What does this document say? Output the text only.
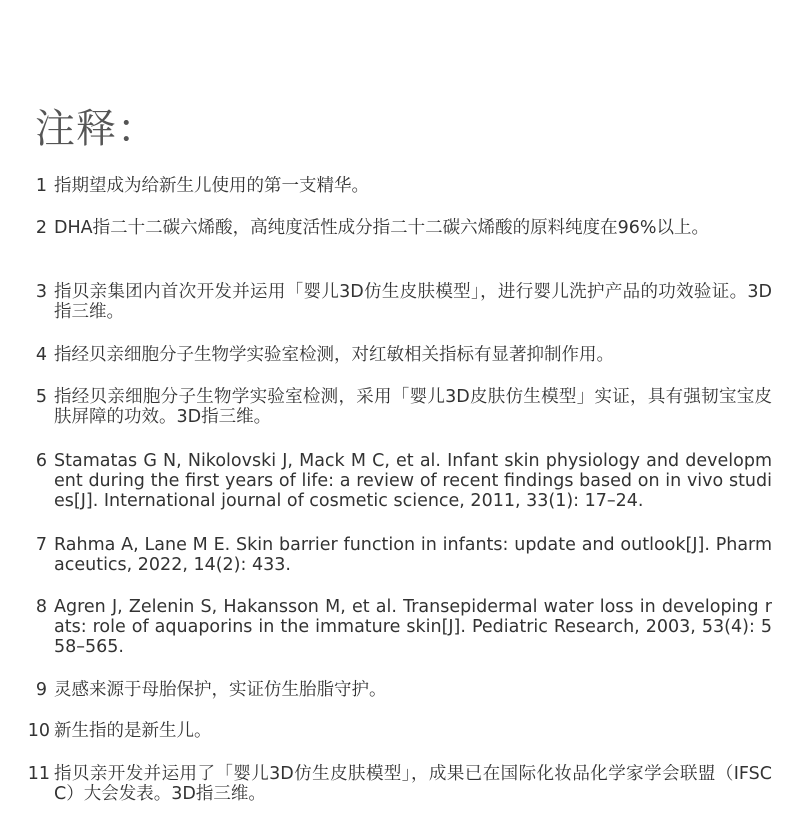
注释：
1 指期望成为给新生儿使用的第一支精华。
2 DHA指二十二碳六烯酸，高纯度活性成分指二十二碳六烯酸的原料纯度在96%以上。
3 指贝亲集团内首次开发并运用「婴儿3D仿生皮肤模型」，进行婴儿洗护产品的功效验证。3D指三维。
4 指经贝亲细胞分子生物学实验室检测，对红敏相关指标有显著抑制作用。
5 指经贝亲细胞分子生物学实验室检测，采用「婴儿3D皮肤仿生模型」实证，具有强韧宝宝皮肤屏障的功效。3D指三维。
6 Stamatas G N, Nikolovski J, Mack M C, et al. Infant skin physiology and development during the first years of life: a review of recent findings based on in vivo studies[J]. International journal of cosmetic science, 2011, 33(1): 17–24.
7 Rahma A, Lane M E. Skin barrier function in infants: update and outlook[J]. Pharmaceutics, 2022, 14(2): 433.
8 Agren J, Zelenin S, Hakansson M, et al. Transepidermal water loss in developing rats: role of aquaporins in the immature skin[J]. Pediatric Research, 2003, 53(4): 558–565.
9 灵感来源于母胎保护，实证仿生胎脂守护。
10 新生指的是新生儿。
11 指贝亲开发并运用了「婴儿3D仿生皮肤模型」，成果已在国际化妆品化学家学会联盟（IFSCC）大会发表。3D指三维。
